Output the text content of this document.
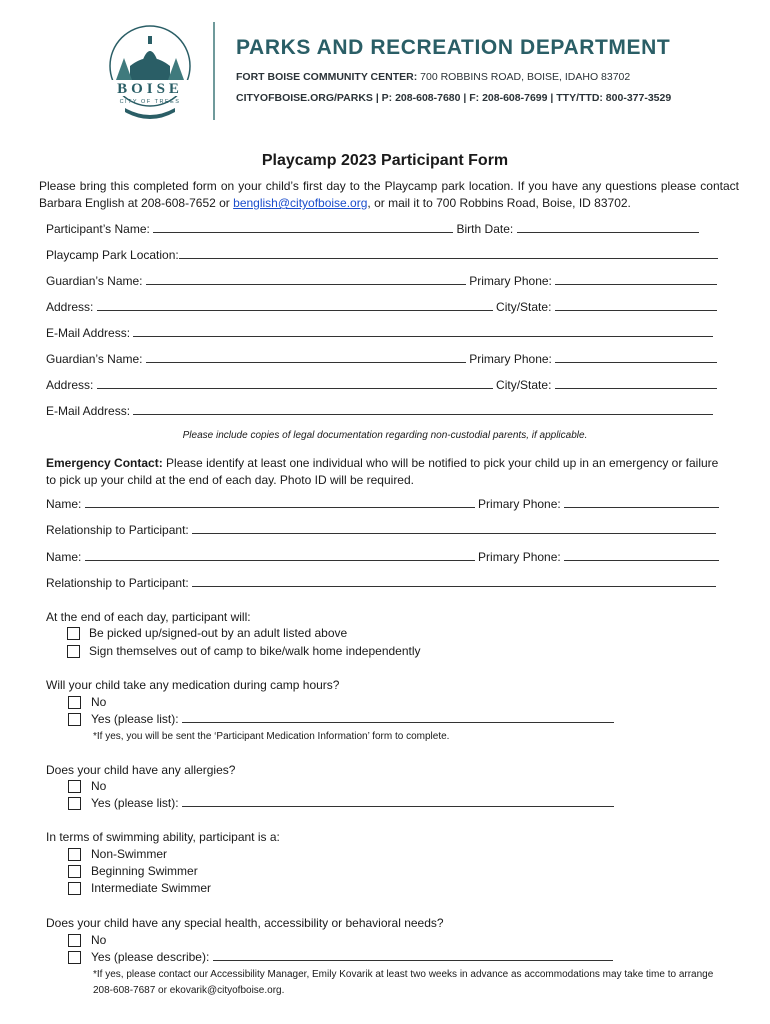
BOISE
CITY OF TREES
PARKS AND RECREATION DEPARTMENT
FORT BOISE COMMUNITY CENTER: 700 ROBBINS ROAD, BOISE, IDAHO 83702
CITYOFBOISE.ORG/PARKS | P: 208-608-7680 | F: 208-608-7699 | TTY/TTD: 800-377-3529
Playcamp 2023 Participant Form
Please bring this completed form on your child’s first day to the Playcamp park location. If you have any questions please contact Barbara English at 208-608-7652 or benglish@cityofboise.org, or mail it to 700 Robbins Road, Boise, ID 83702.
Participant’s Name:	Birth Date:
Playcamp Park Location:
Guardian’s Name:	Primary Phone:
Address:	City/State:
E-Mail Address:
Guardian’s Name:	Primary Phone:
Address:	City/State:
E-Mail Address:
Please include copies of legal documentation regarding non-custodial parents, if applicable.
Emergency Contact: Please identify at least one individual who will be notified to pick your child up in an emergency or failure to pick up your child at the end of each day. Photo ID will be required.
Name:	Primary Phone:
Relationship to Participant:
Name:	Primary Phone:
Relationship to Participant:
At the end of each day, participant will:
Be picked up/signed-out by an adult listed above
Sign themselves out of camp to bike/walk home independently
Will your child take any medication during camp hours?
No
Yes (please list):
*If yes, you will be sent the ‘Participant Medication Information’ form to complete.
Does your child have any allergies?
No
Yes (please list):
In terms of swimming ability, participant is a:
Non-Swimmer
Beginning Swimmer
Intermediate Swimmer
Does your child have any special health, accessibility or behavioral needs?
No
Yes (please describe):
*If yes, please contact our Accessibility Manager, Emily Kovarik at least two weeks in advance as accommodations may take time to arrange 208-608-7687 or ekovarik@cityofboise.org.
